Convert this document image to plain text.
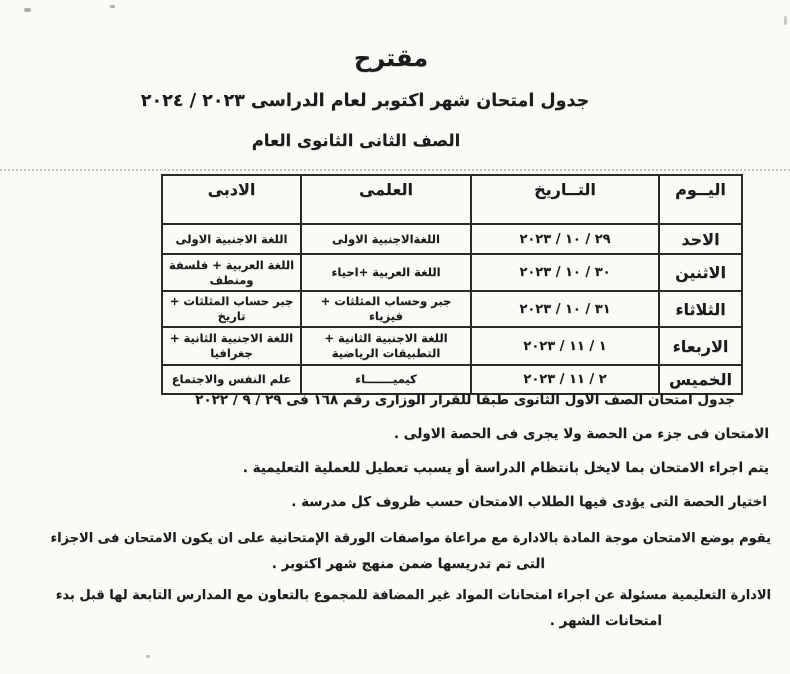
مقترح
جدول امتحان شهر اكتوبر لعام الدراسى ٢٠٢٣ / ٢٠٢٤
الصف الثانى الثانوى العام
اليــوم	التــاريخ	العلمى	الادبى
الاحد	٢٩ / ١٠ / ٢٠٢٣	اللغةالاجنبية الاولى	اللغة الاجنبية الاولى
الاثنين	٣٠ / ١٠ / ٢٠٢٣	اللغة العربية +احياء	اللغة العربية + فلسفة ومنطف
الثلاثاء	٣١ / ١٠ / ٢٠٢٣	جبر وحساب المثلثات + فيزياء	جبر حساب المثلثات + تاريخ
الاربعاء	١ / ١١ / ٢٠٢٣	اللغة الاجنبية الثانية + التطبيقات الرياضية	اللغة الاجنبية الثانية + جغرافيا
الخميس	٢ / ١١ / ٢٠٢٣	كيميـــــــاء	علم النفس والاجتماع
جدول امتحان الصف الاول الثانوى طبقا للقرار الوزارى رقم ١٦٨ فى ٢٩ / ٩ / ٢٠٢٢
الامتحان فى جزء من الحصة ولا يجرى فى الحصة الاولى .
يتم اجراء الامتحان بما لايخل بانتظام الدراسة أو يسبب تعطيل للعملية التعليمية .
اختيار الحصة التى يؤدى فيها الطلاب الامتحان حسب ظروف كل مدرسة .
يقوم بوضع الامتحان موجة المادة بالادارة مع مراعاة مواصفات الورقة الإمتحانية على ان يكون الامتحان فى الاجزاء
التى تم تدريسها ضمن منهج شهر اكتوبر .
الادارة التعليمية مسئولة عن اجراء امتحانات المواد غير المضافة للمجموع بالتعاون مع المدارس التابعة لها قبل بدء
امتحانات الشهر .
